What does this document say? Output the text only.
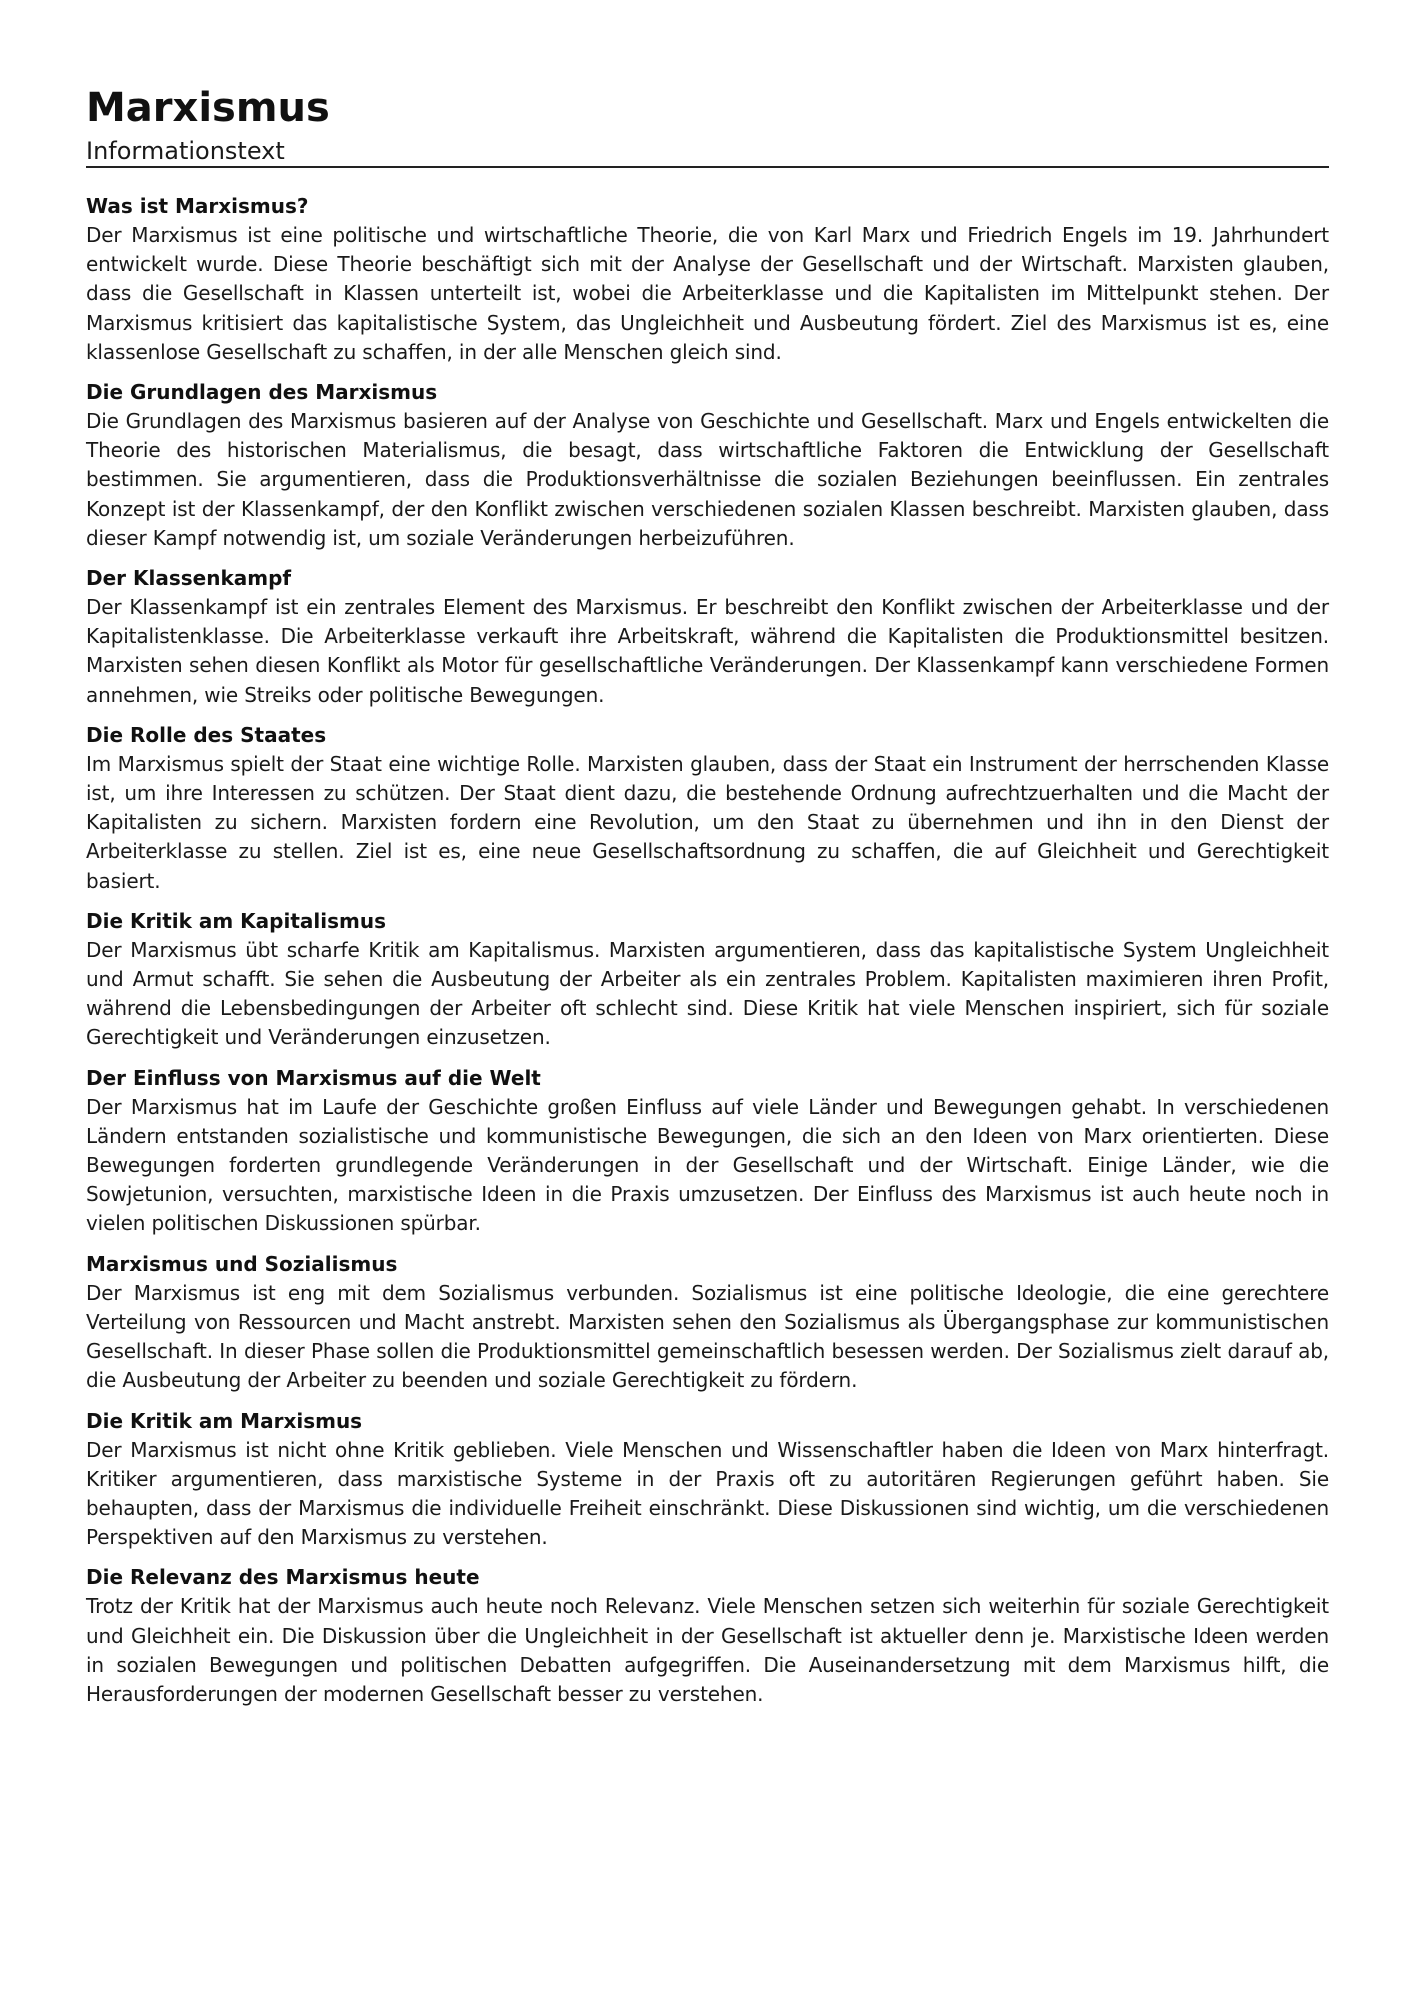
Marxismus
Informationstext
Was ist Marxismus?

Der Marxismus ist eine politische und wirtschaftliche Theorie, die von Karl Marx und Friedrich Engels im 19. Jahrhundert entwickelt wurde. Diese Theorie beschäftigt sich mit der Analyse der Gesellschaft und der Wirtschaft. Marxisten glauben, dass die Gesellschaft in Klassen unterteilt ist, wobei die Arbeiterklasse und die Kapitalisten im Mittelpunkt stehen. Der Marxismus kritisiert das kapitalistische System, das Ungleichheit und Ausbeutung fördert. Ziel des Marxismus ist es, eine klassenlose Gesellschaft zu schaffen, in der alle Menschen gleich sind.

Die Grundlagen des Marxismus

Die Grundlagen des Marxismus basieren auf der Analyse von Geschichte und Gesellschaft. Marx und Engels entwickelten die Theorie des historischen Materialismus, die besagt, dass wirtschaftliche Faktoren die Entwicklung der Gesellschaft bestimmen. Sie argumentieren, dass die Produktionsverhältnisse die sozialen Beziehungen beeinflussen. Ein zentrales Konzept ist der Klassenkampf, der den Konflikt zwischen verschiedenen sozialen Klassen beschreibt. Marxisten glauben, dass dieser Kampf notwendig ist, um soziale Veränderungen herbeizuführen.

Der Klassenkampf

Der Klassenkampf ist ein zentrales Element des Marxismus. Er beschreibt den Konflikt zwischen der Arbeiterklasse und der Kapitalistenklasse. Die Arbeiterklasse verkauft ihre Arbeitskraft, während die Kapitalisten die Produktionsmittel besitzen. Marxisten sehen diesen Konflikt als Motor für gesellschaftliche Veränderungen. Der Klassenkampf kann verschiedene Formen annehmen, wie Streiks oder politische Bewegungen.

Die Rolle des Staates

Im Marxismus spielt der Staat eine wichtige Rolle. Marxisten glauben, dass der Staat ein Instrument der herrschenden Klasse ist, um ihre Interessen zu schützen. Der Staat dient dazu, die bestehende Ordnung aufrechtzuerhalten und die Macht der Kapitalisten zu sichern. Marxisten fordern eine Revolution, um den Staat zu übernehmen und ihn in den Dienst der Arbeiterklasse zu stellen. Ziel ist es, eine neue Gesellschaftsordnung zu schaffen, die auf Gleichheit und Gerechtigkeit basiert.

Die Kritik am Kapitalismus

Der Marxismus übt scharfe Kritik am Kapitalismus. Marxisten argumentieren, dass das kapitalistische System Ungleichheit und Armut schafft. Sie sehen die Ausbeutung der Arbeiter als ein zentrales Problem. Kapitalisten maximieren ihren Profit, während die Lebensbedingungen der Arbeiter oft schlecht sind. Diese Kritik hat viele Menschen inspiriert, sich für soziale Gerechtigkeit und Veränderungen einzusetzen.

Der Einfluss von Marxismus auf die Welt

Der Marxismus hat im Laufe der Geschichte großen Einfluss auf viele Länder und Bewegungen gehabt. In verschiedenen Ländern entstanden sozialistische und kommunistische Bewegungen, die sich an den Ideen von Marx orientierten. Diese Bewegungen forderten grundlegende Veränderungen in der Gesellschaft und der Wirtschaft. Einige Länder, wie die Sowjetunion, versuchten, marxistische Ideen in die Praxis umzusetzen. Der Einfluss des Marxismus ist auch heute noch in vielen politischen Diskussionen spürbar.

Marxismus und Sozialismus

Der Marxismus ist eng mit dem Sozialismus verbunden. Sozialismus ist eine politische Ideologie, die eine gerechtere Verteilung von Ressourcen und Macht anstrebt. Marxisten sehen den Sozialismus als Übergangsphase zur kommunistischen Gesellschaft. In dieser Phase sollen die Produktionsmittel gemeinschaftlich besessen werden. Der Sozialismus zielt darauf ab, die Ausbeutung der Arbeiter zu beenden und soziale Gerechtigkeit zu fördern.

Die Kritik am Marxismus

Der Marxismus ist nicht ohne Kritik geblieben. Viele Menschen und Wissenschaftler haben die Ideen von Marx hinterfragt. Kritiker argumentieren, dass marxistische Systeme in der Praxis oft zu autoritären Regierungen geführt haben. Sie behaupten, dass der Marxismus die individuelle Freiheit einschränkt. Diese Diskussionen sind wichtig, um die verschiedenen Perspektiven auf den Marxismus zu verstehen.

Die Relevanz des Marxismus heute

Trotz der Kritik hat der Marxismus auch heute noch Relevanz. Viele Menschen setzen sich weiterhin für soziale Gerechtigkeit und Gleichheit ein. Die Diskussion über die Ungleichheit in der Gesellschaft ist aktueller denn je. Marxistische Ideen werden in sozialen Bewegungen und politischen Debatten aufgegriffen. Die Auseinandersetzung mit dem Marxismus hilft, die Herausforderungen der modernen Gesellschaft besser zu verstehen.
